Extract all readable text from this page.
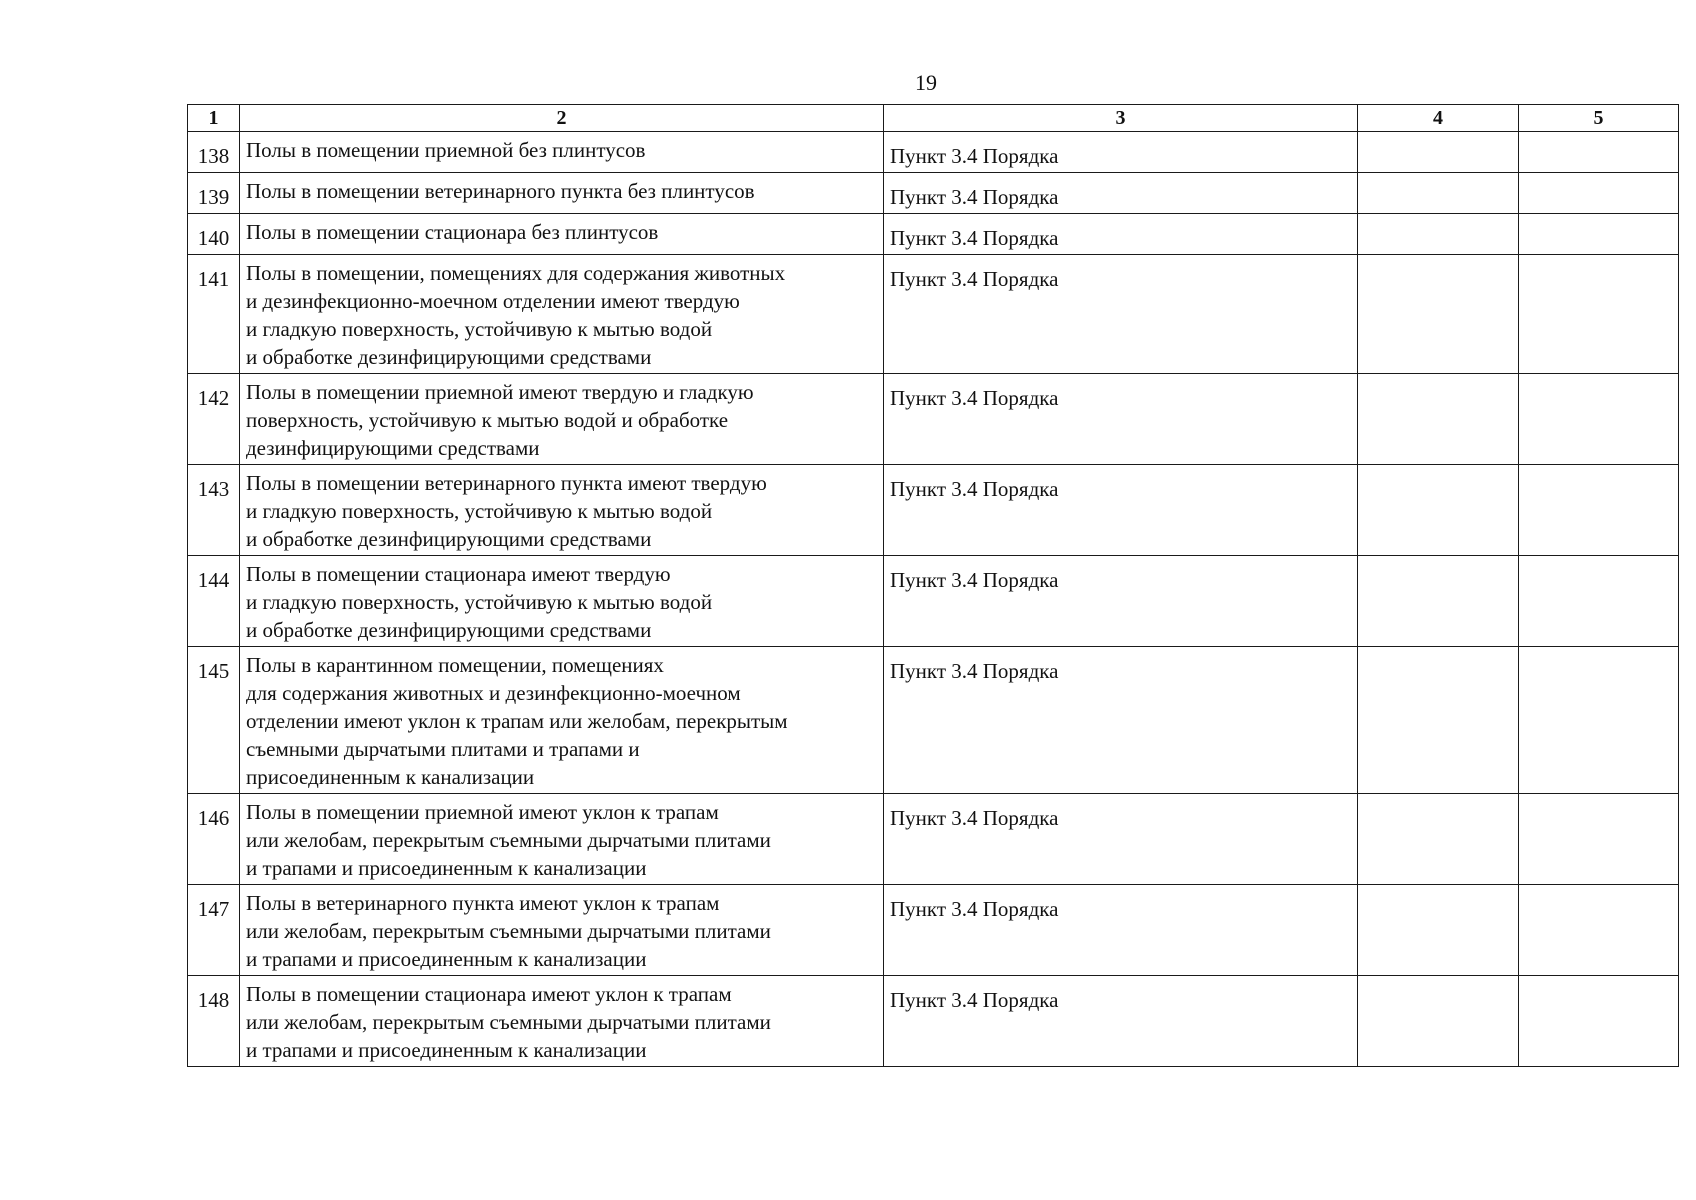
19
1	2	3	4	5
138	Полы в помещении приемной без плинтусов	Пункт 3.4 Порядка		
139	Полы в помещении ветеринарного пункта без плинтусов	Пункт 3.4 Порядка		
140	Полы в помещении стационара без плинтусов	Пункт 3.4 Порядка		
141	Полы в помещении, помещениях для содержания животных
и дезинфекционно-моечном отделении имеют твердую
и гладкую поверхность, устойчивую к мытью водой
и обработке дезинфицирующими средствами	Пункт 3.4 Порядка		
142	Полы в помещении приемной имеют твердую и гладкую
поверхность, устойчивую к мытью водой и обработке
дезинфицирующими средствами	Пункт 3.4 Порядка		
143	Полы в помещении ветеринарного пункта имеют твердую
и гладкую поверхность, устойчивую к мытью водой
и обработке дезинфицирующими средствами	Пункт 3.4 Порядка		
144	Полы в помещении стационара имеют твердую
и гладкую поверхность, устойчивую к мытью водой
и обработке дезинфицирующими средствами	Пункт 3.4 Порядка		
145	Полы в карантинном помещении, помещениях
для содержания животных и дезинфекционно-моечном
отделении имеют уклон к трапам или желобам, перекрытым
съемными дырчатыми плитами и трапами и
присоединенным к канализации	Пункт 3.4 Порядка		
146	Полы в помещении приемной имеют уклон к трапам
или желобам, перекрытым съемными дырчатыми плитами
и трапами и присоединенным к канализации	Пункт 3.4 Порядка		
147	Полы в ветеринарного пункта имеют уклон к трапам
или желобам, перекрытым съемными дырчатыми плитами
и трапами и присоединенным к канализации	Пункт 3.4 Порядка		
148	Полы в помещении стационара имеют уклон к трапам
или желобам, перекрытым съемными дырчатыми плитами
и трапами и присоединенным к канализации	Пункт 3.4 Порядка		
